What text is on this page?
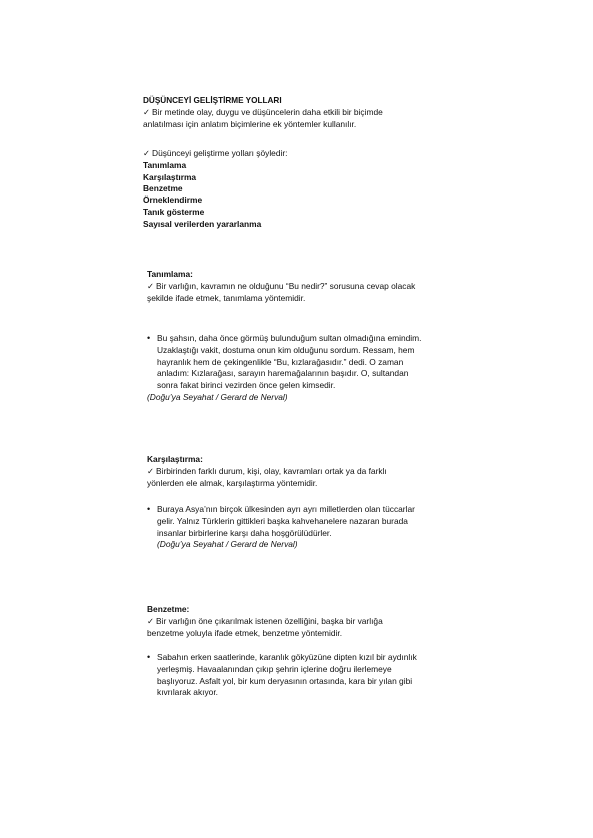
DÜŞÜNCEYİ GELİŞTİRME YOLLARI
✓ Bir metinde olay, duygu ve düşüncelerin daha etkili bir biçimde
anlatılması için anlatım biçimlerine ek yöntemler kullanılır.
✓ Düşünceyi geliştirme yolları şöyledir:
Tanımlama
Karşılaştırma
Benzetme
Örneklendirme
Tanık gösterme
Sayısal verilerden yararlanma
Tanımlama:
✓ Bir varlığın, kavramın ne olduğunu “Bu nedir?” sorusuna cevap olacak
şekilde ifade etmek, tanımlama yöntemidir.
• Bu şahsın, daha önce görmüş bulunduğum sultan olmadığına emindim.
Uzaklaştığı vakit, dostuma onun kim olduğunu sordum. Ressam, hem
hayranlık hem de çekingenlikle “Bu, kızlarağasıdır.” dedi. O zaman
anladım: Kızlarağası, sarayın haremağalarının başıdır. O, sultandan
sonra fakat birinci vezirden önce gelen kimsedir.
(Doğu’ya Seyahat / Gerard de Nerval)
Karşılaştırma:
✓ Birbirinden farklı durum, kişi, olay, kavramları ortak ya da farklı
yönlerden ele almak, karşılaştırma yöntemidir.
• Buraya Asya’nın birçok ülkesinden ayrı ayrı milletlerden olan tüccarlar
gelir. Yalnız Türklerin gittikleri başka kahvehanelere nazaran burada
insanlar birbirlerine karşı daha hoşgörülüdürler.
(Doğu’ya Seyahat / Gerard de Nerval)
Benzetme:
✓ Bir varlığın öne çıkarılmak istenen özelliğini, başka bir varlığa
benzetme yoluyla ifade etmek, benzetme yöntemidir.
• Sabahın erken saatlerinde, karanlık gökyüzüne dipten kızıl bir aydınlık
yerleşmiş. Havaalanından çıkıp şehrin içlerine doğru ilerlemeye
başlıyoruz. Asfalt yol, bir kum deryasının ortasında, kara bir yılan gibi
kıvrılarak akıyor.
